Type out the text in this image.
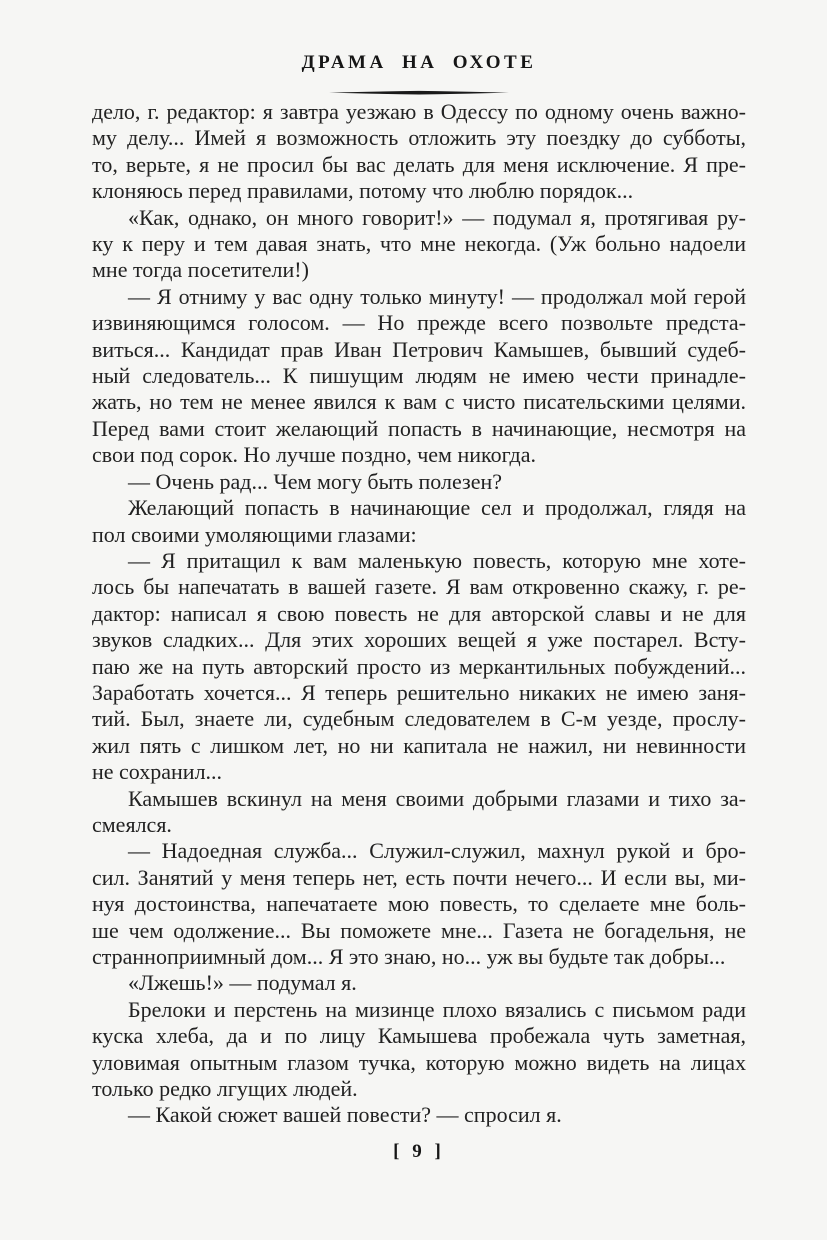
ДРАМА НА ОХОТЕ
дело, г. редактор: я завтра уезжаю в Одессу по одному очень важно-
му делу... Имей я возможность отложить эту поездку до субботы,
то, верьте, я не просил бы вас делать для меня исключение. Я пре-
клоняюсь перед правилами, потому что люблю порядок...
«Как, однако, он много говорит!» — подумал я, протягивая ру-
ку к перу и тем давая знать, что мне некогда. (Уж больно надоели
мне тогда посетители!)
— Я отниму у вас одну только минуту! — продолжал мой герой
извиняющимся голосом. — Но прежде всего позвольте предста-
виться... Кандидат прав Иван Петрович Камышев, бывший судеб-
ный следователь... К пишущим людям не имею чести принадле-
жать, но тем не менее явился к вам с чисто писательскими целями.
Перед вами стоит желающий попасть в начинающие, несмотря на
свои под сорок. Но лучше поздно, чем никогда.
— Очень рад... Чем могу быть полезен?
Желающий попасть в начинающие сел и продолжал, глядя на
пол своими умоляющими глазами:
— Я притащил к вам маленькую повесть, которую мне хоте-
лось бы напечатать в вашей газете. Я вам откровенно скажу, г. ре-
дактор: написал я свою повесть не для авторской славы и не для
звуков сладких... Для этих хороших вещей я уже постарел. Всту-
паю же на путь авторский просто из меркантильных побуждений...
Заработать хочется... Я теперь решительно никаких не имею заня-
тий. Был, знаете ли, судебным следователем в С-м уезде, прослу-
жил пять с лишком лет, но ни капитала не нажил, ни невинности
не сохранил...
Камышев вскинул на меня своими добрыми глазами и тихо за-
смеялся.
— Надоедная служба... Служил-служил, махнул рукой и бро-
сил. Занятий у меня теперь нет, есть почти нечего... И если вы, ми-
нуя достоинства, напечатаете мою повесть, то сделаете мне боль-
ше чем одолжение... Вы поможете мне... Газета не богадельня, не
странноприимный дом... Я это знаю, но... уж вы будьте так добры...
«Лжешь!» — подумал я.
Брелоки и перстень на мизинце плохо вязались с письмом ради
куска хлеба, да и по лицу Камышева пробежала чуть заметная,
уловимая опытным глазом тучка, которую можно видеть на лицах
только редко лгущих людей.
— Какой сюжет вашей повести? — спросил я.
[ 9 ]
